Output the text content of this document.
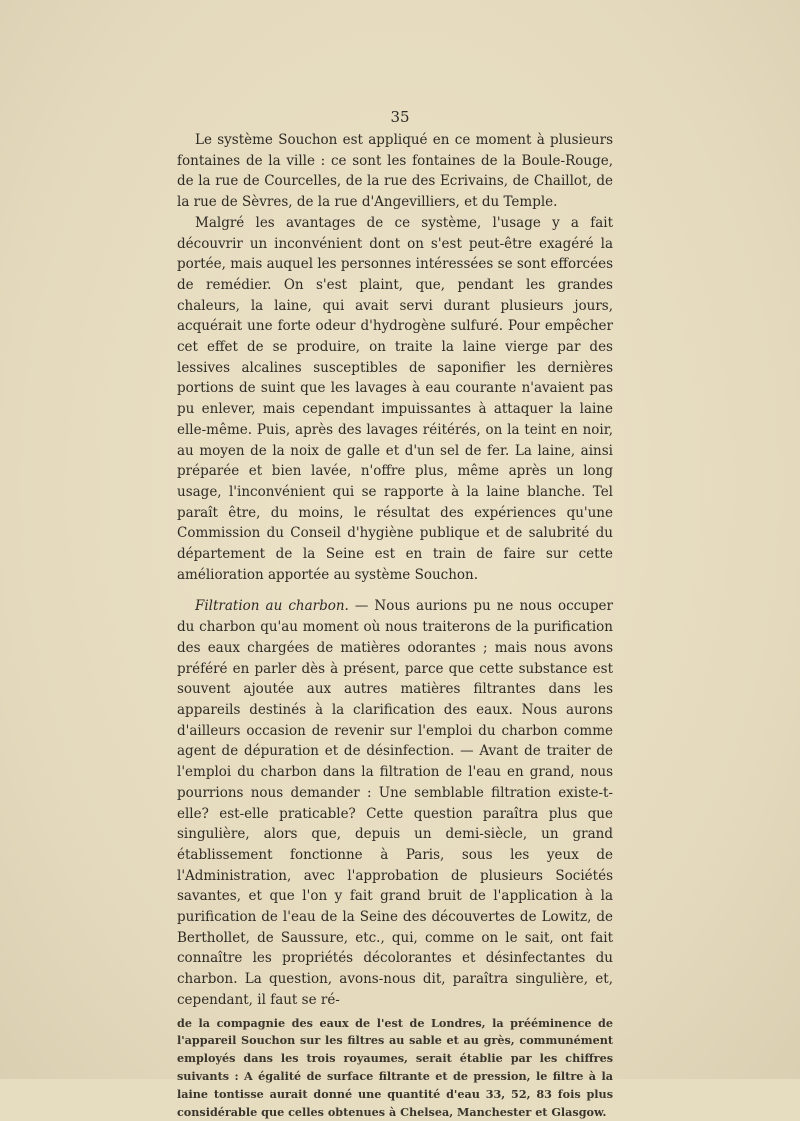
35

Le système Souchon est appliqué en ce moment à plusieurs fontaines de la ville : ce sont les fontaines de la Boule-Rouge, de la rue de Courcelles, de la rue des Ecrivains, de Chaillot, de la rue de Sèvres, de la rue d'Angevilliers, et du Temple.

Malgré les avantages de ce système, l'usage y a fait découvrir un inconvénient dont on s'est peut-être exagéré la portée, mais auquel les personnes intéressées se sont efforcées de remédier. On s'est plaint, que, pendant les grandes chaleurs, la laine, qui avait servi durant plusieurs jours, acquérait une forte odeur d'hydrogène sulfuré. Pour empêcher cet effet de se produire, on traite la laine vierge par des lessives alcalines susceptibles de saponifier les dernières portions de suint que les lavages à eau courante n'avaient pas pu enlever, mais cependant impuissantes à attaquer la laine elle-même. Puis, après des lavages réitérés, on la teint en noir, au moyen de la noix de galle et d'un sel de fer. La laine, ainsi préparée et bien lavée, n'offre plus, même après un long usage, l'inconvénient qui se rapporte à la laine blanche. Tel paraît être, du moins, le résultat des expériences qu'une Commission du Conseil d'hygiène publique et de salubrité du département de la Seine est en train de faire sur cette amélioration apportée au système Souchon.

Filtration au charbon. — Nous aurions pu ne nous occuper du charbon qu'au moment où nous traiterons de la purification des eaux chargées de matières odorantes ; mais nous avons préféré en parler dès à présent, parce que cette substance est souvent ajoutée aux autres matières filtrantes dans les appareils destinés à la clarification des eaux. Nous aurons d'ailleurs occasion de revenir sur l'emploi du charbon comme agent de dépuration et de désinfection. — Avant de traiter de l'emploi du charbon dans la filtration de l'eau en grand, nous pourrions nous demander : Une semblable filtration existe-t-elle? est-elle praticable? Cette question paraîtra plus que singulière, alors que, depuis un demi-siècle, un grand établissement fonctionne à Paris, sous les yeux de l'Administration, avec l'approbation de plusieurs Sociétés savantes, et que l'on y fait grand bruit de l'application à la purification de l'eau de la Seine des découvertes de Lowitz, de Berthollet, de Saussure, etc., qui, comme on le sait, ont fait connaître les propriétés décolorantes et désinfectantes du charbon. La question, avons-nous dit, paraîtra singulière, et, cependant, il faut se ré-

de la compagnie des eaux de l'est de Londres, la prééminence de l'appareil Souchon sur les filtres au sable et au grès, communément employés dans les trois royaumes, serait établie par les chiffres suivants : A égalité de surface filtrante et de pression, le filtre à la laine tontisse aurait donné une quantité d'eau 33, 52, 83 fois plus considérable que celles obtenues à Chelsea, Manchester et Glasgow.
